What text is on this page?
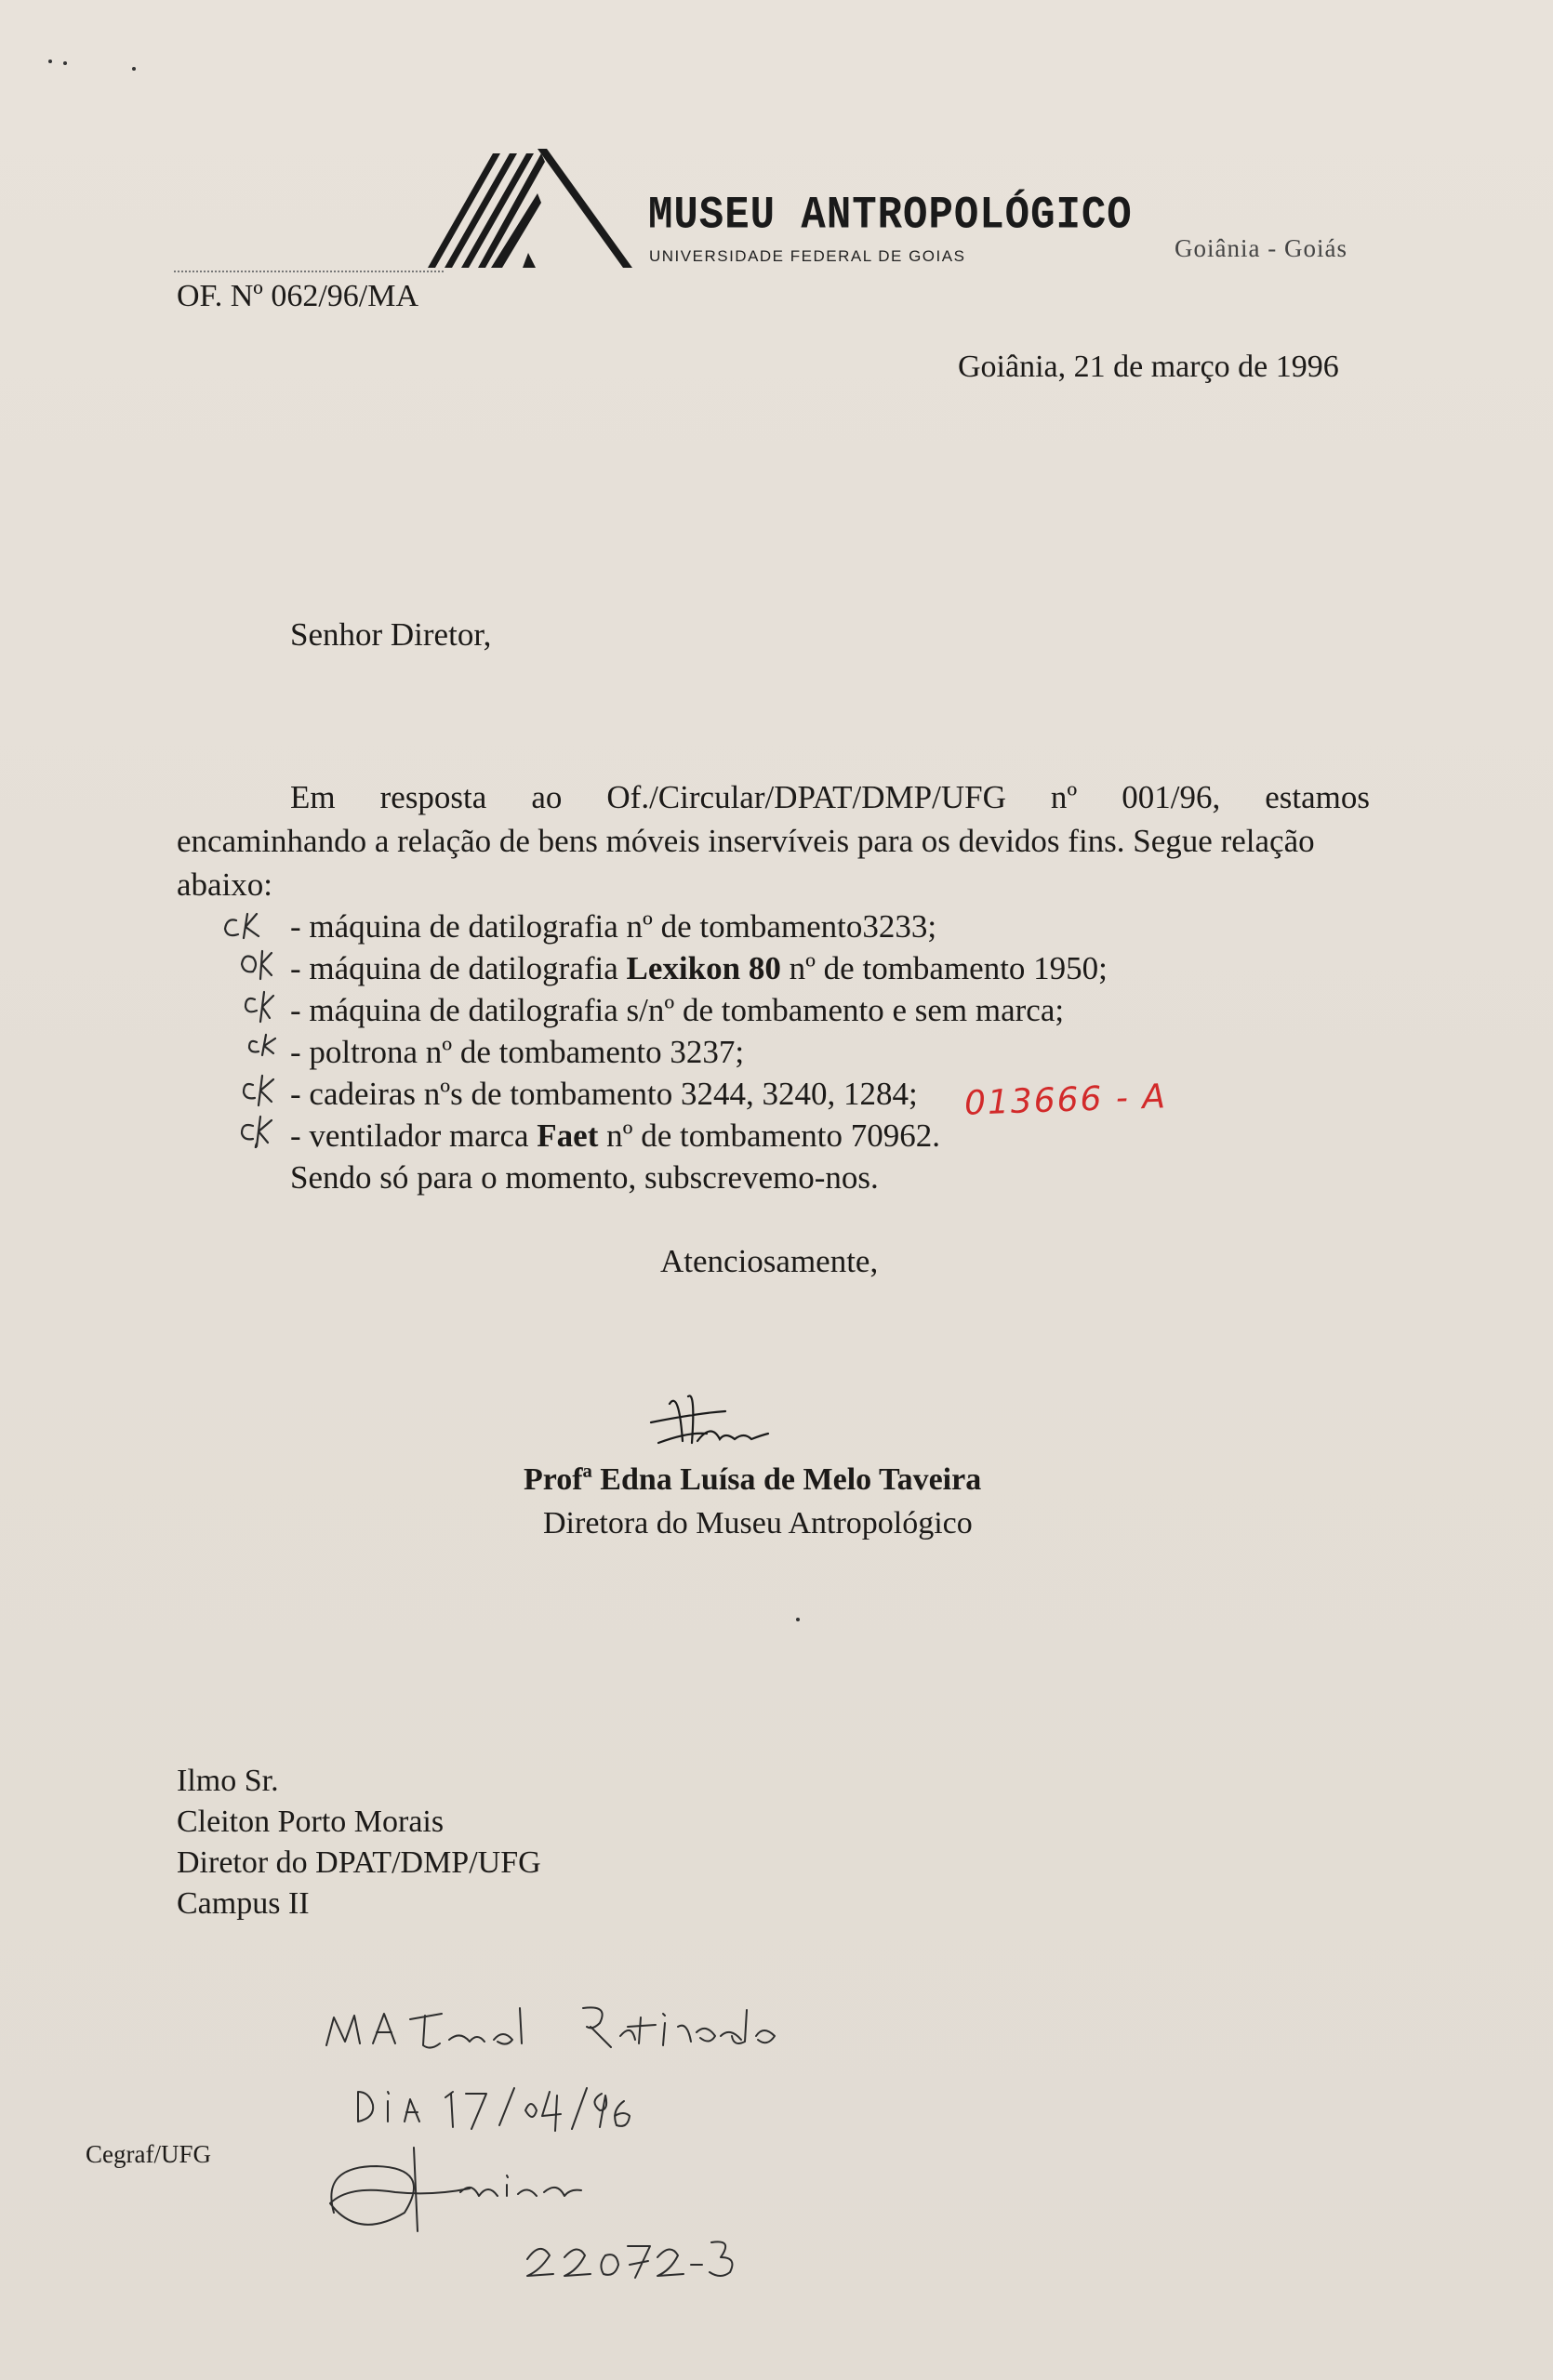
MUSEU ANTROPOLÓGICO
UNIVERSIDADE FEDERAL DE GOIAS	Goiânia - Goiás
OF. Nº 062/96/MA
Goiânia, 21 de março de 1996
Senhor Diretor,
Em resposta ao Of./Circular/DPAT/DMP/UFG nº 001/96, estamos
encaminhando a relação de bens móveis inservíveis para os devidos fins. Segue relação
abaixo:
- máquina de datilografia nº de tombamento3233;
- máquina de datilografia Lexikon 80 nº de tombamento 1950;
- máquina de datilografia s/nº de tombamento e sem marca;
- poltrona nº de tombamento 3237;
- cadeiras nºs de tombamento 3244, 3240, 1284;
- ventilador marca Faet nº de tombamento 70962.
013666 - A
Sendo só para o momento, subscrevemo-nos.
Atenciosamente,
Profª Edna Luísa de Melo Taveira
Diretora do Museu Antropológico
Ilmo Sr.
Cleiton Porto Morais
Diretor do DPAT/DMP/UFG
Campus II
Cegraf/UFG
